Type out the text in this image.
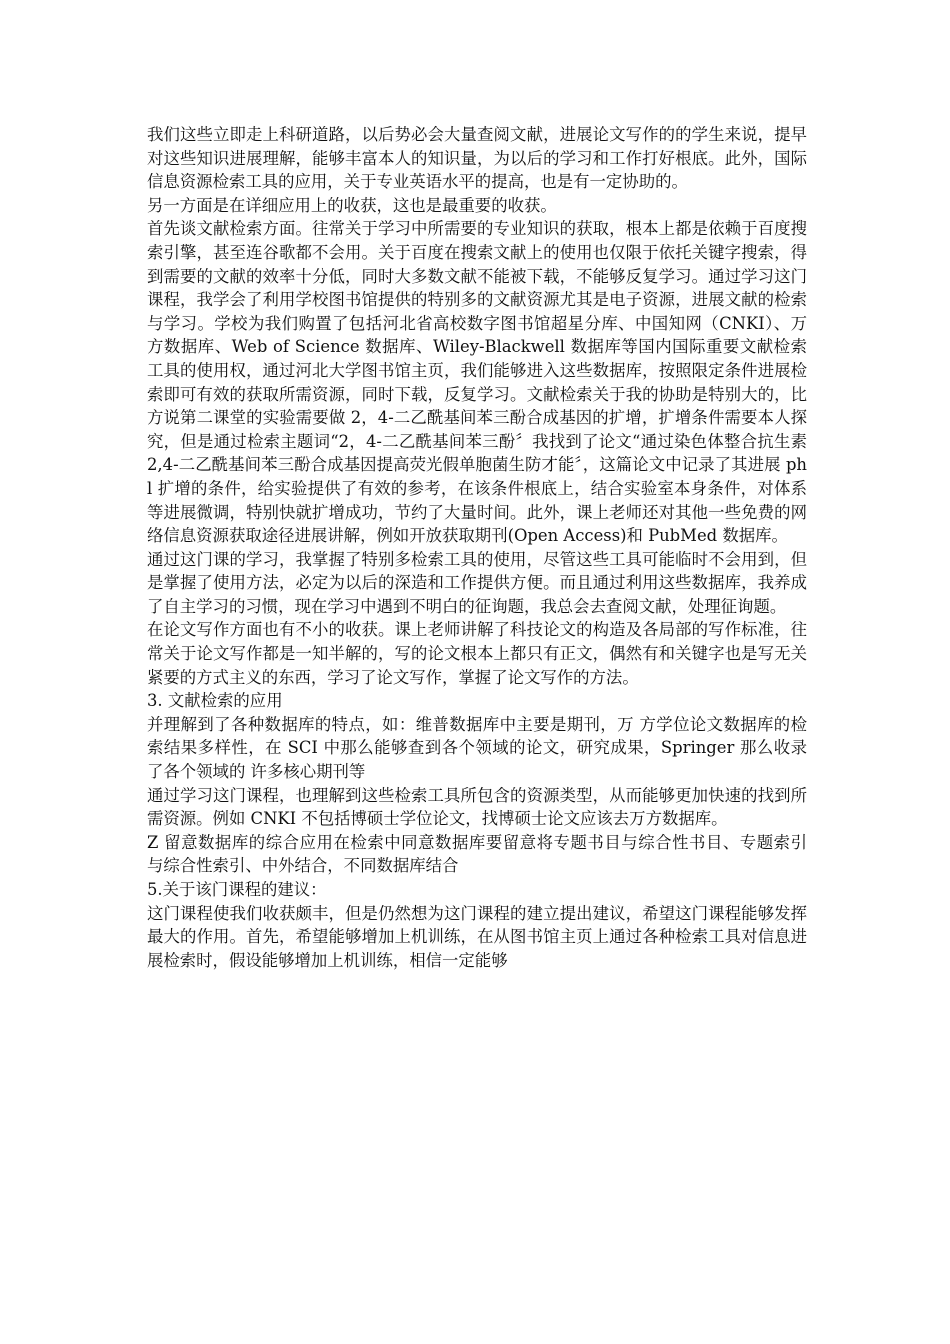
我们这些立即走上科研道路，以后势必会大量查阅文献，进展论文写作的的学生来说，提早对这些知识进展理解，能够丰富本人的知识量，为以后的学习和工作打好根底。此外，国际信息资源检索工具的应用，关于专业英语水平的提高，也是有一定协助的。

另一方面是在详细应用上的收获，这也是最重要的收获。

首先谈文献检索方面。往常关于学习中所需要的专业知识的获取，根本上都是依赖于百度搜索引擎，甚至连谷歌都不会用。关于百度在搜索文献上的使用也仅限于依托关键字搜索，得到需要的文献的效率十分低，同时大多数文献不能被下载，不能够反复学习。通过学习这门课程，我学会了利用学校图书馆提供的特别多的文献资源尤其是电子资源，进展文献的检索与学习。学校为我们购置了包括河北省高校数字图书馆超星分库、中国知网（CNKI）、万方数据库、Web of Science 数据库、Wiley-Blackwell 数据库等国内国际重要文献检索工具的使用权，通过河北大学图书馆主页，我们能够进入这些数据库，按照限定条件进展检索即可有效的获取所需资源，同时下载，反复学习。文献检索关于我的协助是特别大的，比方说第二课堂的实验需要做 2，4-二乙酰基间苯三酚合成基因的扩增，扩增条件需要本人探究，但是通过检索主题词“2，4-二乙酰基间苯三酚〞我找到了论文“通过染色体整合抗生素 2,4-二乙酰基间苯三酚合成基因提高荧光假单胞菌生防才能〞，这篇论文中记录了其进展 phl 扩增的条件，给实验提供了有效的参考，在该条件根底上，结合实验室本身条件，对体系等进展微调，特别快就扩增成功，节约了大量时间。此外，课上老师还对其他一些免费的网络信息资源获取途径进展讲解，例如开放获取期刊(Open Access)和 PubMed 数据库。

通过这门课的学习，我掌握了特别多检索工具的使用，尽管这些工具可能临时不会用到，但是掌握了使用方法，必定为以后的深造和工作提供方便。而且通过利用这些数据库，我养成了自主学习的习惯，现在学习中遇到不明白的征询题，我总会去查阅文献，处理征询题。

在论文写作方面也有不小的收获。课上老师讲解了科技论文的构造及各局部的写作标准，往常关于论文写作都是一知半解的，写的论文根本上都只有正文，偶然有和关键字也是写无关紧要的方式主义的东西，学习了论文写作，掌握了论文写作的方法。

3. 文献检索的应用

并理解到了各种数据库的特点，如：维普数据库中主要是期刊，万 方学位论文数据库的检索结果多样性，在 SCI 中那么能够查到各个领域的论文，研究成果，Springer 那么收录了各个领域的 许多核心期刊等

通过学习这门课程，也理解到这些检索工具所包含的资源类型，从而能够更加快速的找到所需资源。例如 CNKI 不包括博硕士学位论文，找博硕士论文应该去万方数据库。

Z 留意数据库的综合应用在检索中同意数据库要留意将专题书目与综合性书目、专题索引 与综合性索引、中外结合，不同数据库结合

5.关于该门课程的建议：

这门课程使我们收获颇丰，但是仍然想为这门课程的建立提出建议，希望这门课程能够发挥最大的作用。首先，希望能够增加上机训练，在从图书馆主页上通过各种检索工具对信息进展检索时，假设能够增加上机训练，相信一定能够
